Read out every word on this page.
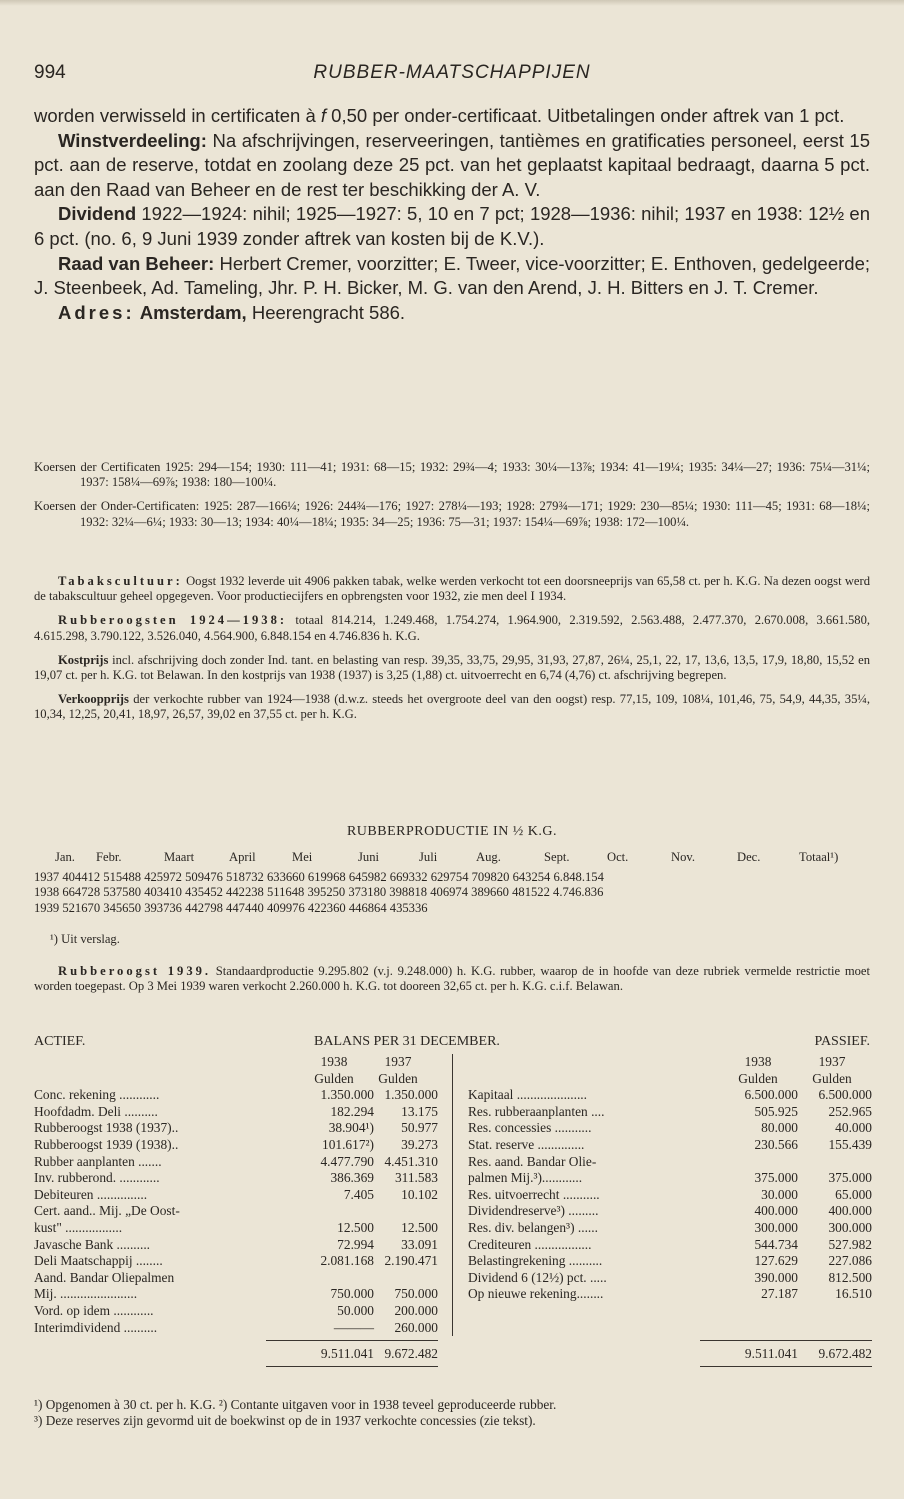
994	RUBBER-MAATSCHAPPIJEN

worden verwisseld in certificaten à f 0,50 per onder-certificaat. Uitbetalingen onder aftrek van 1 pct.

Winstverdeeling: Na afschrijvingen, reserveeringen, tantièmes en gratificaties personeel, eerst 15 pct. aan de reserve, totdat en zoolang deze 25 pct. van het geplaatst kapitaal bedraagt, daarna 5 pct. aan den Raad van Beheer en de rest ter beschikking der A. V.

Dividend 1922—1924: nihil; 1925—1927: 5, 10 en 7 pct; 1928—1936: nihil; 1937 en 1938: 12½ en 6 pct. (no. 6, 9 Juni 1939 zonder aftrek van kosten bij de K.V.).

Raad van Beheer: Herbert Cremer, voorzitter; E. Tweer, vice-voorzitter; E. Enthoven, gedelgeerde; J. Steenbeek, Ad. Tameling, Jhr. P. H. Bicker, M. G. van den Arend, J. H. Bitters en J. T. Cremer.

Adres: Amsterdam, Heerengracht 586.

Koersen der Certificaten 1925: 294—154; 1930: 111—41; 1931: 68—15; 1932: 29¾—4; 1933: 30¼—13⅞; 1934: 41—19¼; 1935: 34¼—27; 1936: 75¼—31¼; 1937: 158¼—69⅞; 1938: 180—100¼.

Koersen der Onder-Certificaten: 1925: 287—166¼; 1926: 244¾—176; 1927: 278¼—193; 1928: 279¾—171; 1929: 230—85¼; 1930: 111—45; 1931: 68—18¼; 1932: 32¼—6¼; 1933: 30—13; 1934: 40¼—18¼; 1935: 34—25; 1936: 75—31; 1937: 154¼—69⅞; 1938: 172—100¼.

Tabakscultuur: Oogst 1932 leverde uit 4906 pakken tabak, welke werden verkocht tot een doorsneeprijs van 65,58 ct. per h. K.G. Na dezen oogst werd de tabakscultuur geheel opgegeven. Voor productiecijfers en opbrengsten voor 1932, zie men deel I 1934.

Rubberoogsten 1924—1938: totaal 814.214, 1.249.468, 1.754.274, 1.964.900, 2.319.592, 2.563.488, 2.477.370, 2.670.008, 3.661.580, 4.615.298, 3.790.122, 3.526.040, 4.564.900, 6.848.154 en 4.746.836 h. K.G.

Kostprijs incl. afschrijving doch zonder Ind. tant. en belasting van resp. 39,35, 33,75, 29,95, 31,93, 27,87, 26¼, 25,1, 22, 17, 13,6, 13,5, 17,9, 18,80, 15,52 en 19,07 ct. per h. K.G. tot Belawan. In den kostprijs van 1938 (1937) is 3,25 (1,88) ct. uitvoerrecht en 6,74 (4,76) ct. afschrijving begrepen.

Verkoopprijs der verkochte rubber van 1924—1938 (d.w.z. steeds het overgroote deel van den oogst) resp. 77,15, 109, 108¼, 101,46, 75, 54,9, 44,35, 35¼, 10,34, 12,25, 20,41, 18,97, 26,57, 39,02 en 37,55 ct. per h. K.G.

RUBBERPRODUCTIE IN ½ K.G.
Jan. Febr.	Maart	April	Mei	Juni	Juli	Aug.	Sept.	Oct.	Nov.	Dec.	Totaal¹)
1937 404412 515488 425972 509476 518732 633660 619968 645982 669332 629754 709820 643254 6.848.154
1938 664728 537580 403410 435452 442238 511648 395250 373180 398818 406974 389660 481522 4.746.836
1939 521670 345650 393736 442798 447440 409976 422360 446864 435336
¹) Uit verslag.

Rubberoogst 1939. Standaardproductie 9.295.802 (v.j. 9.248.000) h. K.G. rubber, waarop de in hoofde van deze rubriek vermelde restrictie moet worden toegepast. Op 3 Mei 1939 waren verkocht 2.260.000 h. K.G. tot dooreen 32,65 ct. per h. K.G. c.i.f. Belawan.

ACTIEF.	BALANS PER 31 DECEMBER.	PASSIEF.
1938	1937
Gulden	Gulden
Conc. rekening ............	1.350.000 1.350.000
Hoofdadm. Deli ..........	182.294 13.175
Rubberoogst 1938 (1937)..	38.904¹) 50.977
Rubberoogst 1939 (1938)..	101.617²) 39.273
Rubber aanplanten .......	4.477.790 4.451.310
Inv. rubberond. ............	386.369 311.583
Debiteuren ...............	7.405 10.102
Cert. aand.. Mij. „De Oost-
kust" .................	12.500 12.500
Javasche Bank ..........	72.994 33.091
Deli Maatschappij ........	2.081.168 2.190.471
Aand. Bandar Oliepalmen
Mij. .......................	750.000 750.000
Vord. op idem ............	50.000 200.000
Interimdividend ..........	——— 260.000
9.511.041 9.672.482
1938	1937
Gulden	Gulden
Kapitaal .....................	6.500.000 6.500.000
Res. rubberaanplanten ....	505.925 252.965
Res. concessies ...........	80.000	40.000
Stat. reserve ..............	230.566 155.439
Res. aand. Bandar Olie-
palmen Mij.³)............	375.000 375.000
Res. uitvoerrecht ...........	30.000	65.000
Dividendreserve³) .........	400.000 400.000
Res. div. belangen³) ......	300.000 300.000
Crediteuren .................	544.734 527.982
Belastingrekening ..........	127.629 227.086
Dividend 6 (12½) pct. .....	390.000 812.500
Op nieuwe rekening........	27.187	16.510
9.511.041 9.672.482

¹) Opgenomen à 30 ct. per h. K.G. ²) Contante uitgaven voor in 1938 teveel geproduceerde rubber.

³) Deze reserves zijn gevormd uit de boekwinst op de in 1937 verkochte concessies (zie tekst).
